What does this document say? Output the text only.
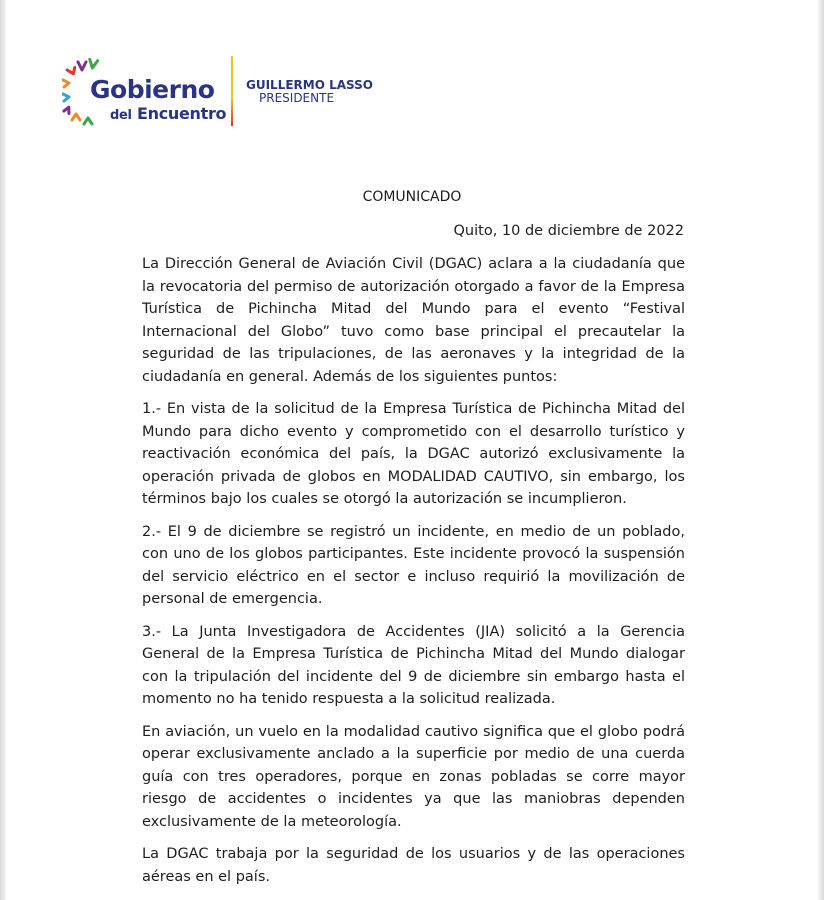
Gobierno
del Encuentro
GUILLERMO LASSO
PRESIDENTE
COMUNICADO
Quito, 10 de diciembre de 2022

La Dirección General de Aviación Civil (DGAC) aclara a la ciudadanía que la revocatoria del permiso de autorización otorgado a favor de la Empresa Turística de Pichincha Mitad del Mundo para el evento “Festival Internacional del Globo” tuvo como base principal el precautelar la seguridad de las tripulaciones, de las aeronaves y la integridad de la ciudadanía en general. Además de los siguientes puntos:

1.- En vista de la solicitud de la Empresa Turística de Pichincha Mitad del Mundo para dicho evento y comprometido con el desarrollo turístico y reactivación económica del país, la DGAC autorizó exclusivamente la operación privada de globos en MODALIDAD CAUTIVO, sin embargo, los términos bajo los cuales se otorgó la autorización se incumplieron.

2.- El 9 de diciembre se registró un incidente, en medio de un poblado, con uno de los globos participantes. Este incidente provocó la suspensión del servicio eléctrico en el sector e incluso requirió la movilización de personal de emergencia.

3.- La Junta Investigadora de Accidentes (JIA) solicitó a la Gerencia General de la Empresa Turística de Pichincha Mitad del Mundo dialogar con la tripulación del incidente del 9 de diciembre sin embargo hasta el momento no ha tenido respuesta a la solicitud realizada.

En aviación, un vuelo en la modalidad cautivo significa que el globo podrá operar exclusivamente anclado a la superficie por medio de una cuerda guía con tres operadores, porque en zonas pobladas se corre mayor riesgo de accidentes o incidentes ya que las maniobras dependen exclusivamente de la meteorología.

La DGAC trabaja por la seguridad de los usuarios y de las operaciones aéreas en el país.
